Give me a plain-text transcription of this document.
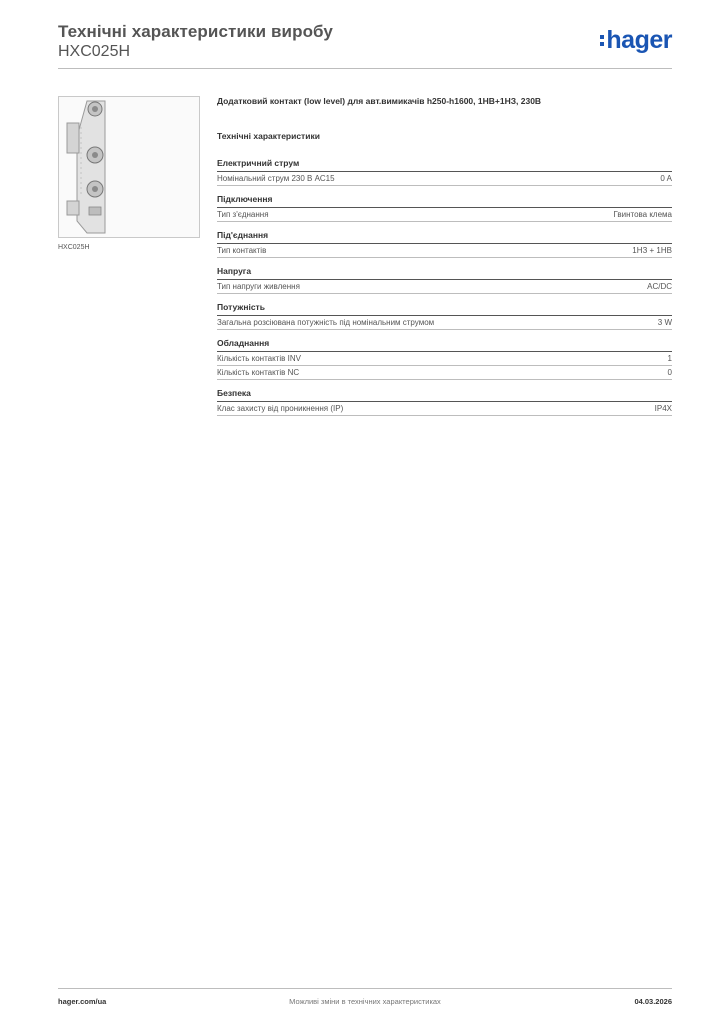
Технічні характеристики виробу
HXC025H	hager
HXC025H
Додатковий контакт (low level) для авт.вимикачів h250-h1600, 1НВ+1НЗ, 230В
Технічні характеристики
Електричний струм
Номінальний струм 230 В AC15	0 A
Підключення
Тип з'єднання	Гвинтова клема
Під'єднання
Тип контактів	1НЗ + 1НВ
Напруга
Тип напруги живлення	AC/DC
Потужність
Загальна розсіювана потужність під номінальним струмом	3 W
Обладнання
Кількість контактів INV	1
Кількість контактів NC	0
Безпека
Клас захисту від проникнення (IP)	IP4X
hager.com/ua	Можливі зміни в технічних характеристиках	04.03.2026
